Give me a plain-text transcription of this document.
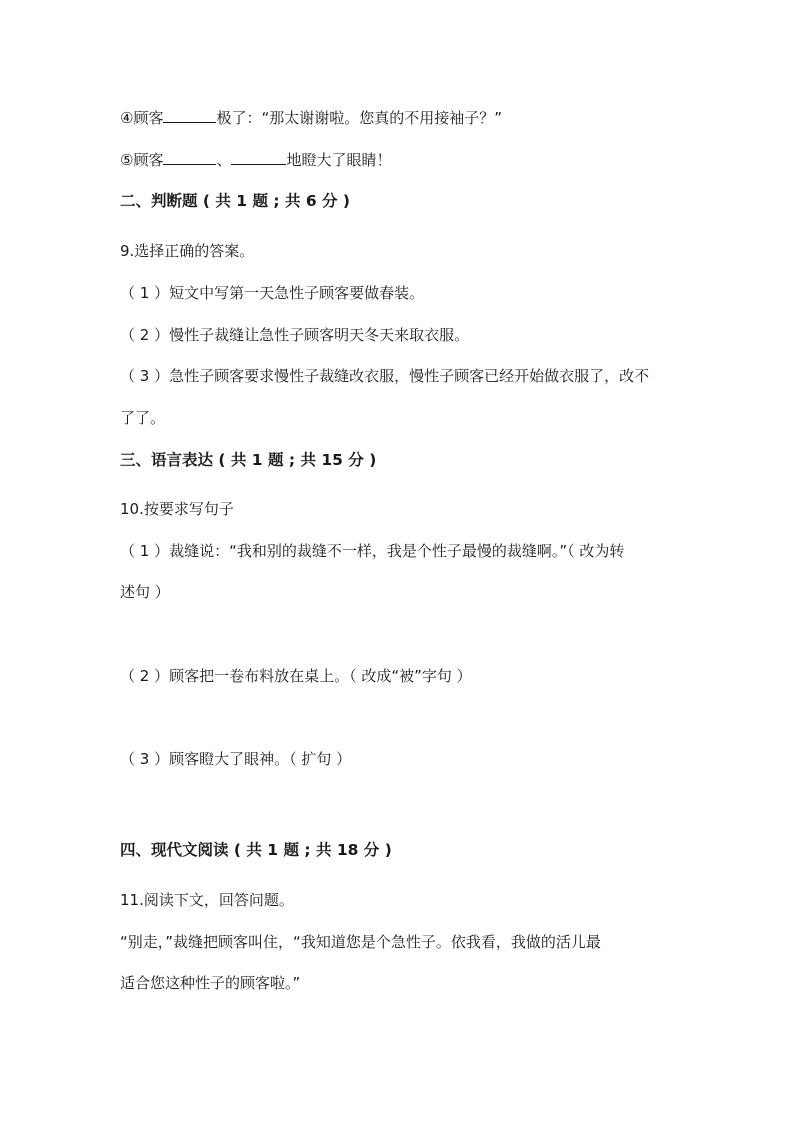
④顾客	极了：“那太谢谢啦。您真的不用接袖子？”
⑤顾客	、	地瞪大了眼睛！
二、判断题 ( 共 1 题 ; 共 6 分 )
9.选择正确的答案。
（ 1 ）短文中写第一天急性子顾客要做春装。
（ 2 ）慢性子裁缝让急性子顾客明天冬天来取衣服。
（ 3 ）急性子顾客要求慢性子裁缝改衣服，慢性子顾客已经开始做衣服了，改不
了了。
三、语言表达 ( 共 1 题 ; 共 15 分 )
10.按要求写句子
（ 1 ）裁缝说：“我和别的裁缝不一样，我是个性子最慢的裁缝啊。”（ 改为转
述句 ）
（ 2 ）顾客把一卷布料放在桌上。（ 改成“被”字句 ）
（ 3 ）顾客瞪大了眼神。（ 扩句 ）
四、现代文阅读 ( 共 1 题 ; 共 18 分 )
11.阅读下文，回答问题。
“别走，”裁缝把顾客叫住，“我知道您是个急性子。依我看，我做的活儿最
适合您这种性子的顾客啦。”
